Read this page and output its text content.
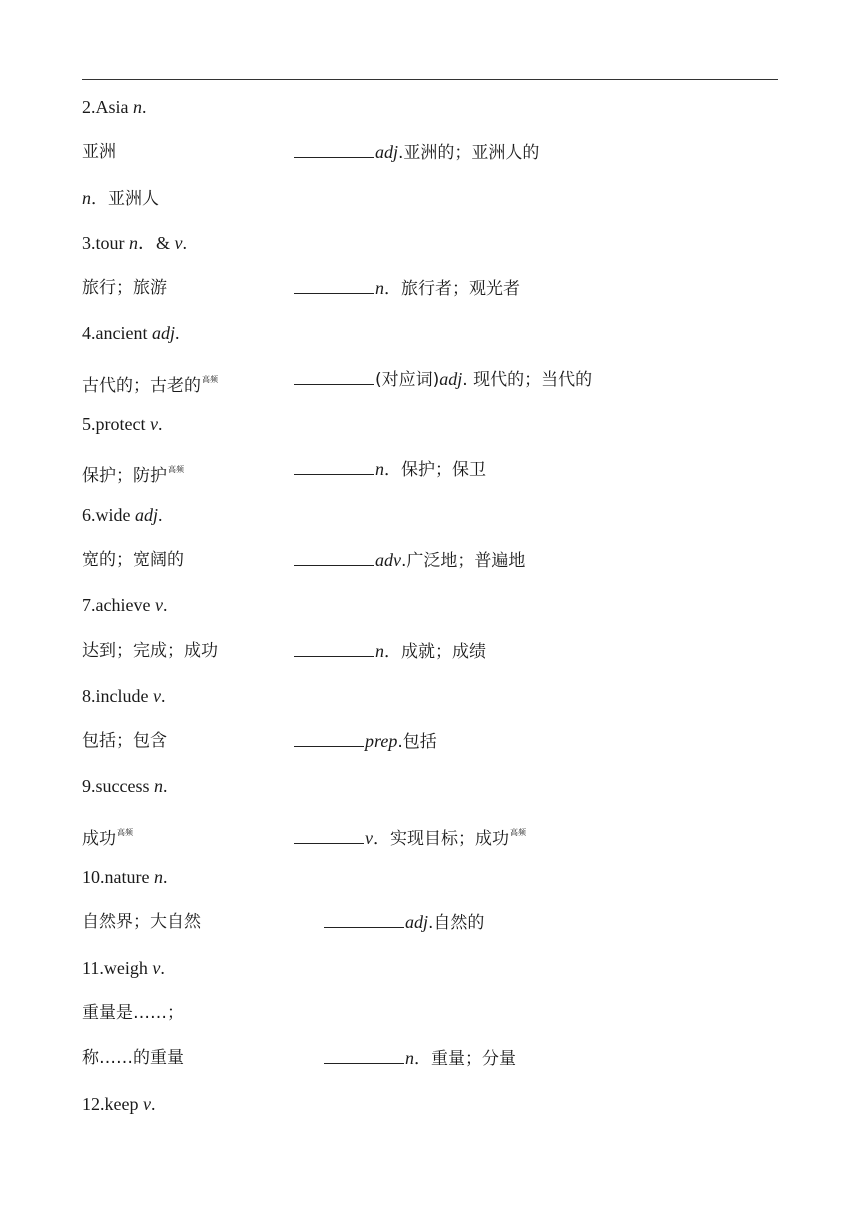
2.Asia n.
亚洲	adj.亚洲的；亚洲人的
n．亚洲人
3.tour n．& v.
旅行；旅游	n．旅行者；观光者
4.ancient adj.
古代的；古老的$^{高频}$	(对应词)adj. 现代的；当代的
5.protect v.
保护；防护$^{高频}$	n．保护；保卫
6.wide adj.
宽的；宽阔的	adv.广泛地；普遍地
7.achieve v.
达到；完成；成功	n．成就；成绩
8.include v.
包括；包含	prep.包括
9.success n.
成功$^{高频}$	v．实现目标；成功$^{高频}$
10.nature n.
自然界；大自然	adj.自然的
11.weigh v.
重量是……；
称……的重量	n．重量；分量
12.keep v.
